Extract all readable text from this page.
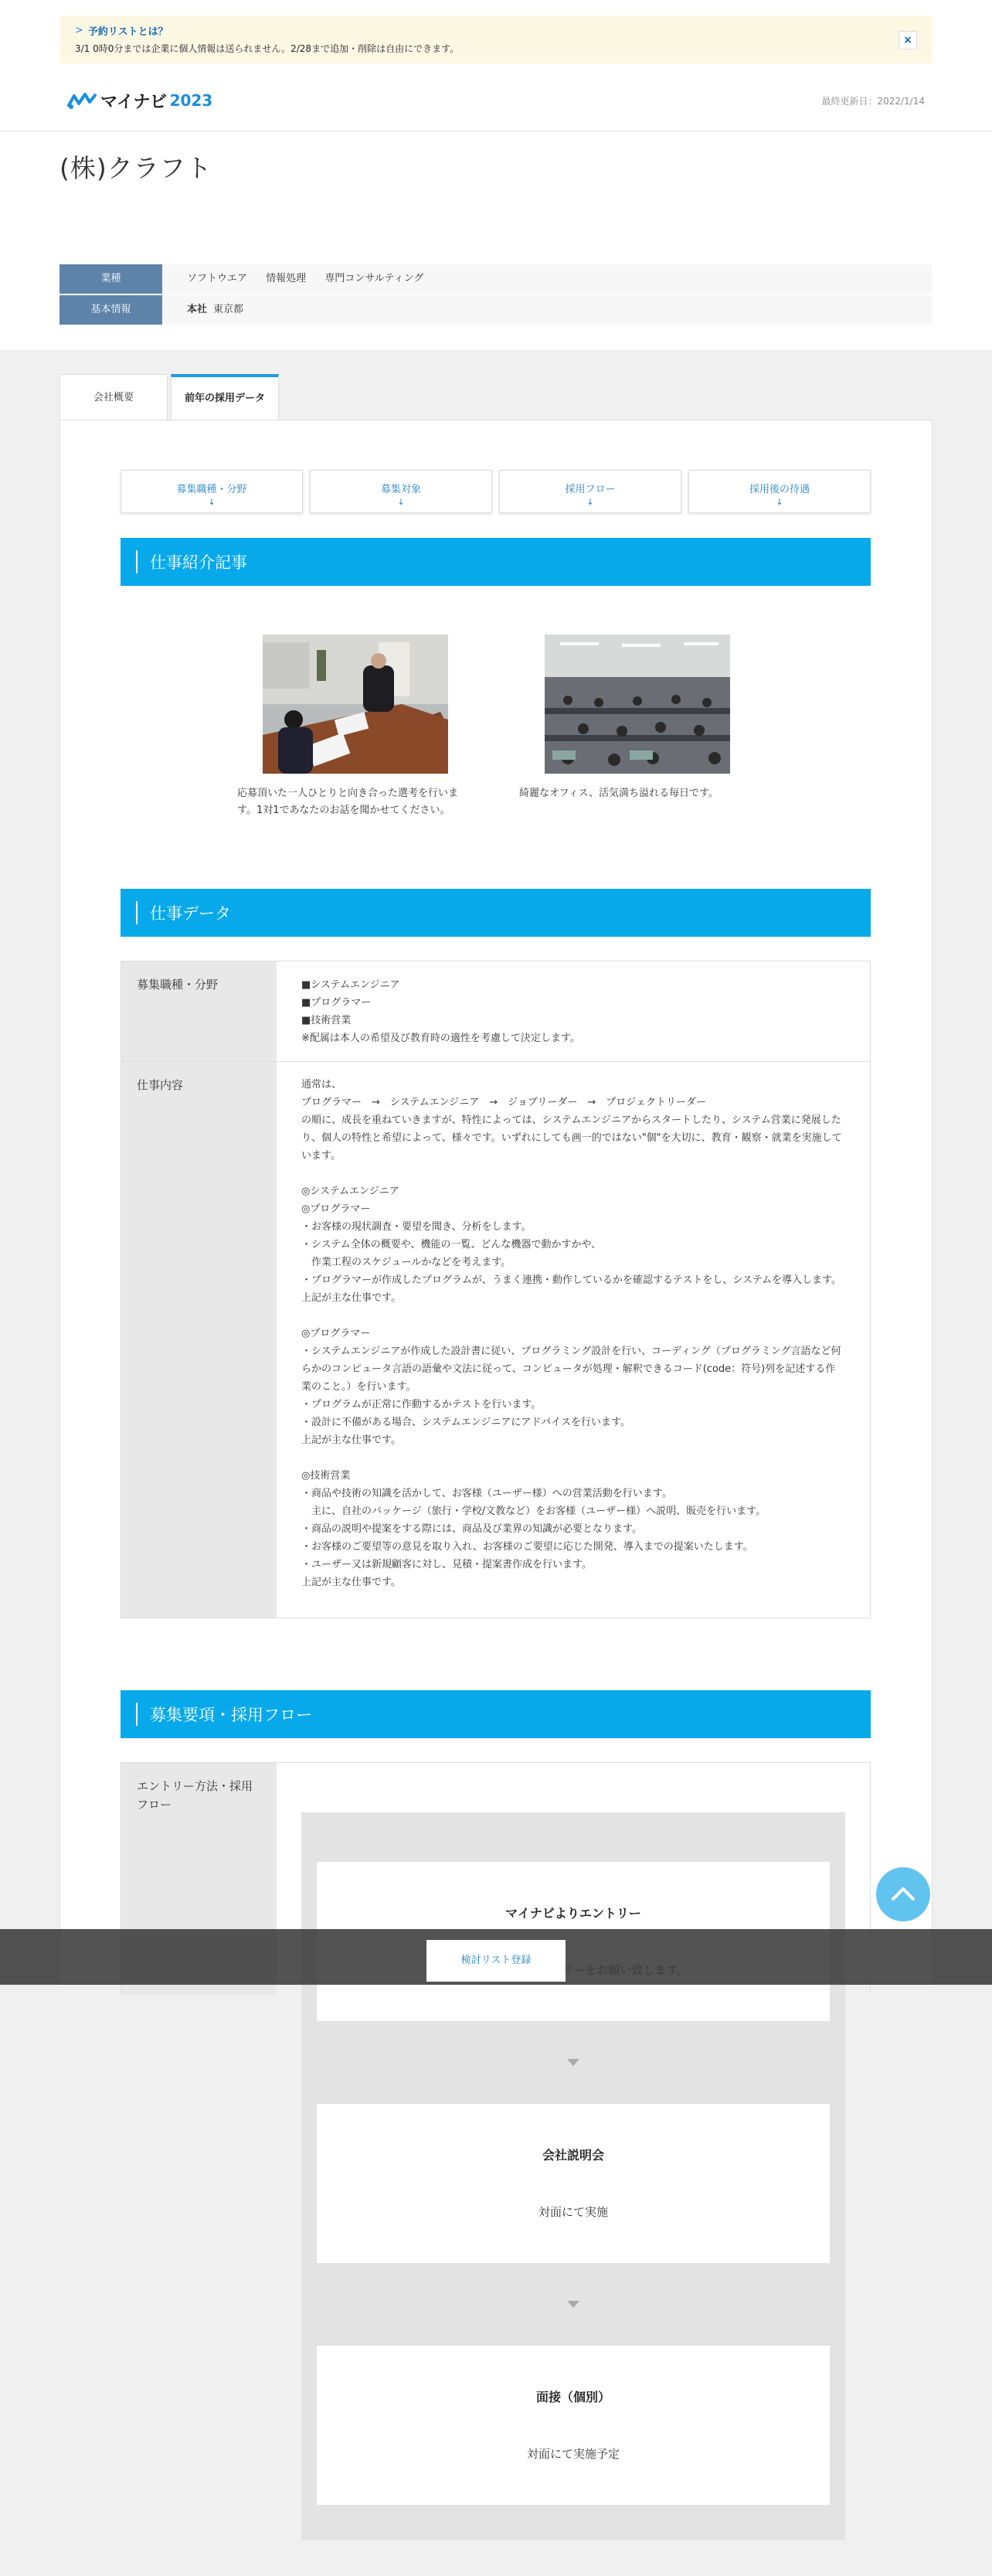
> 予約リストとは？
3/1 0時0分までは企業に個人情報は送られません。2/28まで追加・削除は自由にできます。
×
マイナビ 2023	最終更新日：2022/1/14
(株)クラフト
業種	ソフトウエア 情報処理 専門コンサルティング
基本情報	本社 東京都
会社概要	前年の採用データ
募集職種・分野
↓
募集対象
↓
採用フロー
↓
採用後の待遇
↓
仕事紹介記事
応募頂いた一人ひとりと向き合った選考を行います。1対1であなたのお話を聞かせてください。
綺麗なオフィス、活気満ち溢れる毎日です。
仕事データ
募集職種・分野	■システムエンジニア
■プログラマー
■技術営業
※配属は本人の希望及び教育時の適性を考慮して決定します。
仕事内容	通常は、
プログラマー　→　システムエンジニア　→　ジョブリーダー　→　プロジェクトリーダー
の順に、成長を重ねていきますが、特性によっては、システムエンジニアからスタートしたり、システム営業に発展したり、個人の特性と希望によって、様々です。いずれにしても画一的ではない"個"を大切に、教育・観察・就業を実施しています。

◎システムエンジニア
◎プログラマー
・お客様の現状調査・要望を聞き、分析をします。
・システム全体の概要や、機能の一覧、どんな機器で動かすかや、
　作業工程のスケジュールかなどを考えます。
・プログラマーが作成したプログラムが、うまく連携・動作しているかを確認するテストをし、システムを導入します。
上記が主な仕事です。

◎プログラマー
・システムエンジニアが作成した設計書に従い、プログラミング設計を行い、コーディング（プログラミング言語など何らかのコンピュータ言語の語彙や文法に従って、コンピュータが処理・解釈できるコード(code：符号)列を記述する作業のこと。）を行います。
・プログラムが正常に作動するかテストを行います。
・設計に不備がある場合、システムエンジニアにアドバイスを行います。
上記が主な仕事です。

◎技術営業
・商品や技術の知識を活かして、お客様（ユーザー様）への営業活動を行います。
　主に、自社のパッケージ（旅行・学校/文教など）をお客様（ユーザー様）へ説明、販売を行います。
・商品の説明や提案をする際には、商品及び業界の知識が必要となります。
・お客様のご要望等の意見を取り入れ、お客様のご要望に応じた開発、導入までの提案いたします。
・ユーザー又は新規顧客に対し、見積・提案書作成を行います。
上記が主な仕事です。
募集要項・採用フロー
エントリー方法・採用フロー

マイナビよりエントリー

会社説明会

対面にて実施

面接（個別）

対面にて実施予定

検討リスト登録
